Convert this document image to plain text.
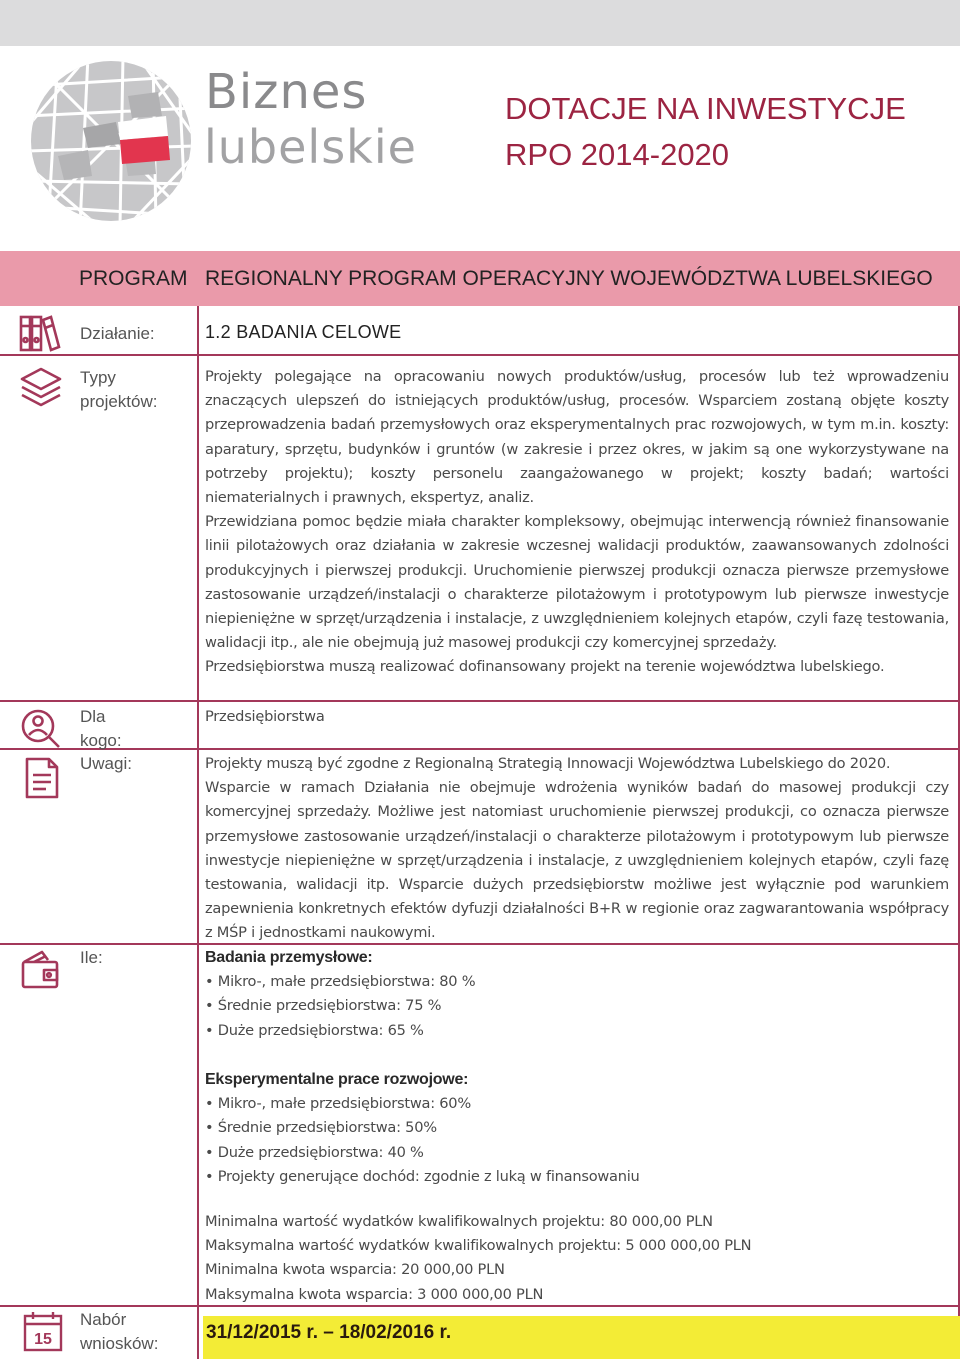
Biznes
lubelskie
DOTACJE NA INWESTYCJE
RPO 2014-2020
PROGRAM REGIONALNY PROGRAM OPERACYJNY WOJEWÓDZTWA LUBELSKIEGO
Działanie:	1.2 BADANIA CELOWE
Typy
projektów:

Projekty polegające na opracowaniu nowych produktów/usług, procesów lub też wprowadzeniu znaczących ulepszeń do istniejących produktów/usług, procesów. Wsparciem zostaną objęte koszty przeprowadzenia badań przemysłowych oraz eksperymentalnych prac rozwojowych, w tym m.in. koszty: aparatury, sprzętu, budynków i gruntów (w zakresie i przez okres, w jakim są one wykorzystywane na potrzeby projektu); koszty personelu zaangażowanego w projekt; koszty badań; wartości niematerialnych i prawnych, ekspertyz, analiz.

Przewidziana pomoc będzie miała charakter kompleksowy, obejmując interwencją również finansowanie linii pilotażowych oraz działania w zakresie wczesnej walidacji produktów, zaawansowanych zdolności produkcyjnych i pierwszej produkcji. Uruchomienie pierwszej produkcji oznacza pierwsze przemysłowe zastosowanie urządzeń/instalacji o charakterze pilotażowym i prototypowym lub pierwsze inwestycje niepieniężne w sprzęt/urządzenia i instalacje, z uwzględnieniem kolejnych etapów, czyli fazę testowania, walidacji itp., ale nie obejmują już masowej produkcji czy komercyjnej sprzedaży.

Przedsiębiorstwa muszą realizować dofinansowany projekt na terenie województwa lubelskiego.

Dla
kogo:
Przedsiębiorstwa
Uwagi:	Projekty muszą być zgodne z Regionalną Strategią Innowacji Województwa Lubelskiego do 2020.

Wsparcie w ramach Działania nie obejmuje wdrożenia wyników badań do masowej produkcji czy komercyjnej sprzedaży. Możliwe jest natomiast uruchomienie pierwszej produkcji, co oznacza pierwsze przemysłowe zastosowanie urządzeń/instalacji o charakterze pilotażowym i prototypowym lub pierwsze inwestycje niepieniężne w sprzęt/urządzenia i instalacje, z uwzględnieniem kolejnych etapów, czyli fazę testowania, walidacji itp. Wsparcie dużych przedsiębiorstw możliwe jest wyłącznie pod warunkiem zapewnienia konkretnych efektów dyfuzji działalności B+R w regionie oraz zagwarantowania współpracy z MŚP i jednostkami naukowymi.

Ile:	Badania przemysłowe:
• Mikro-, małe przedsiębiorstwa: 80 %
• Średnie przedsiębiorstwa: 75 %
• Duże przedsiębiorstwa: 65 %
Eksperymentalne prace rozwojowe:
• Mikro-, małe przedsiębiorstwa: 60%
• Średnie przedsiębiorstwa: 50%
• Duże przedsiębiorstwa: 40 %
• Projekty generujące dochód: zgodnie z luką w finansowaniu
Minimalna wartość wydatków kwalifikowalnych projektu: 80 000,00 PLN
Maksymalna wartość wydatków kwalifikowalnych projektu: 5 000 000,00 PLN
Minimalna kwota wsparcia: 20 000,00 PLN
Maksymalna kwota wsparcia: 3 000 000,00 PLN
15
Nabór
wniosków:
31/12/2015 r. – 18/02/2016 r.
